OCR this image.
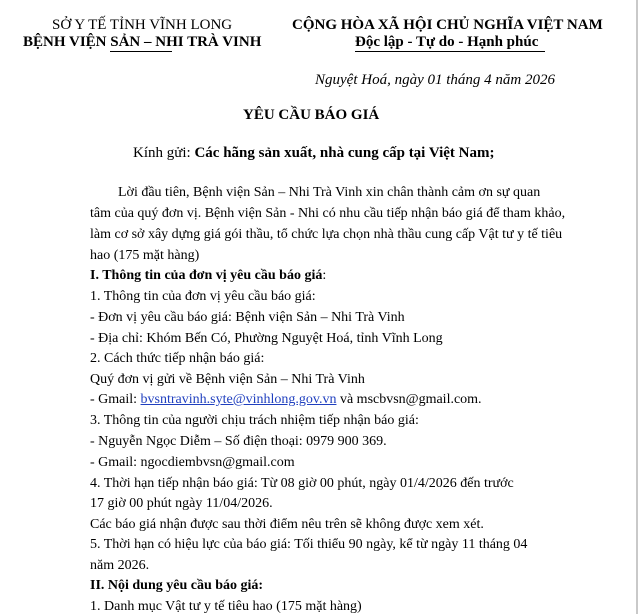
SỞ Y TẾ TỈNH VĨNH LONG
BỆNH VIỆN SẢN – NHI TRÀ VINH
CỘNG HÒA XÃ HỘI CHỦ NGHĨA VIỆT NAM
Độc lập - Tự do - Hạnh phúc
Nguyệt Hoá, ngày 01 tháng 4 năm 2026
YÊU CẦU BÁO GIÁ
Kính gửi: Các hãng sản xuất, nhà cung cấp tại Việt Nam;
Lời đầu tiên, Bệnh viện Sản – Nhi Trà Vinh xin chân thành cảm ơn sự quan
tâm của quý đơn vị. Bệnh viện Sản - Nhi có nhu cầu tiếp nhận báo giá để tham khảo,
làm cơ sở xây dựng giá gói thầu, tổ chức lựa chọn nhà thầu cung cấp Vật tư y tế tiêu
hao (175 mặt hàng)
I. Thông tin của đơn vị yêu cầu báo giá:
1. Thông tin của đơn vị yêu cầu báo giá:
- Đơn vị yêu cầu báo giá: Bệnh viện Sản – Nhi Trà Vinh
- Địa chỉ: Khóm Bến Có, Phường Nguyệt Hoá, tỉnh Vĩnh Long
2. Cách thức tiếp nhận báo giá:
Quý đơn vị gửi về Bệnh viện Sản – Nhi Trà Vinh
- Gmail: bvsntravinh.syte@vinhlong.gov.vn và mscbvsn@gmail.com.
3. Thông tin của người chịu trách nhiệm tiếp nhận báo giá:
- Nguyễn Ngọc Diễm – Số điện thoại: 0979 900 369.
- Gmail: ngocdiembvsn@gmail.com
4. Thời hạn tiếp nhận báo giá: Từ 08 giờ 00 phút, ngày 01/4/2026 đến trước
17 giờ 00 phút ngày 11/04/2026.
Các báo giá nhận được sau thời điểm nêu trên sẽ không được xem xét.
5. Thời hạn có hiệu lực của báo giá: Tối thiểu 90 ngày, kể từ ngày 11 tháng 04
năm 2026.
II. Nội dung yêu cầu báo giá:
1. Danh mục Vật tư y tế tiêu hao (175 mặt hàng)
